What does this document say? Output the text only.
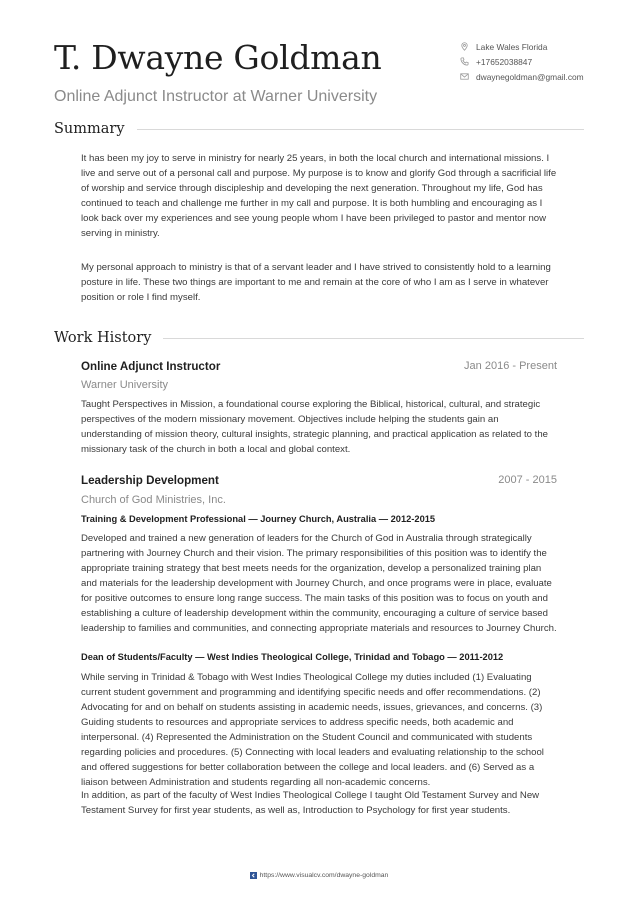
T. Dwayne Goldman
Online Adjunct Instructor at Warner University
Lake Wales Florida
+17652038847
dwaynegoldman@gmail.com
Summary

It has been my joy to serve in ministry for nearly 25 years, in both the local church and international missions. I live and serve out of a personal call and purpose. My purpose is to know and glorify God through a sacrificial life of worship and service through discipleship and developing the next generation. Throughout my life, God has continued to teach and challenge me further in my call and purpose. It is both humbling and encouraging as I look back over my experiences and see young people whom I have been privileged to pastor and mentor now serving in ministry.

My personal approach to ministry is that of a servant leader and I have strived to consistently hold to a learning posture in life. These two things are important to me and remain at the core of who I am as I serve in whatever position or role I find myself.

Work History
Online Adjunct Instructor	Jan 2016 - Present
Warner University

Taught Perspectives in Mission, a foundational course exploring the Biblical, historical, cultural, and strategic perspectives of the modern missionary movement. Objectives include helping the students gain an understanding of mission theory, cultural insights, strategic planning, and practical application as related to the missionary task of the church in both a local and global context.

Leadership Development	2007 - 2015
Church of God Ministries, Inc.
Training & Development Professional — Journey Church, Australia — 2012-2015

Developed and trained a new generation of leaders for the Church of God in Australia through strategically partnering with Journey Church and their vision. The primary responsibilities of this position was to identify the appropriate training strategy that best meets needs for the organization, develop a personalized training plan and materials for the leadership development with Journey Church, and once programs were in place, evaluate for positive outcomes to ensure long range success. The main tasks of this position was to focus on youth and establishing a culture of leadership development within the community, encouraging a culture of service based leadership to families and communities, and connecting appropriate materials and resources to Journey Church.

Dean of Students/Faculty — West Indies Theological College, Trinidad and Tobago — 2011-2012

While serving in Trinidad & Tobago with West Indies Theological College my duties included (1) Evaluating current student government and programming and identifying specific needs and offer recommendations. (2) Advocating for and on behalf on students assisting in academic needs, issues, grievances, and concerns. (3) Guiding students to resources and appropriate services to address specific needs, both academic and interpersonal. (4) Represented the Administration on the Student Council and communicated with students regarding policies and procedures. (5) Connecting with local leaders and evaluating relationship to the school and offered suggestions for better collaboration between the college and local leaders. and (6) Served as a liaison between Administration and students regarding all non-academic concerns.

In addition, as part of the faculty of West Indies Theological College I taught Old Testament Survey and New Testament Survey for first year students, as well as, Introduction to Psychology for first year students.

https://www.visualcv.com/dwayne-goldman
